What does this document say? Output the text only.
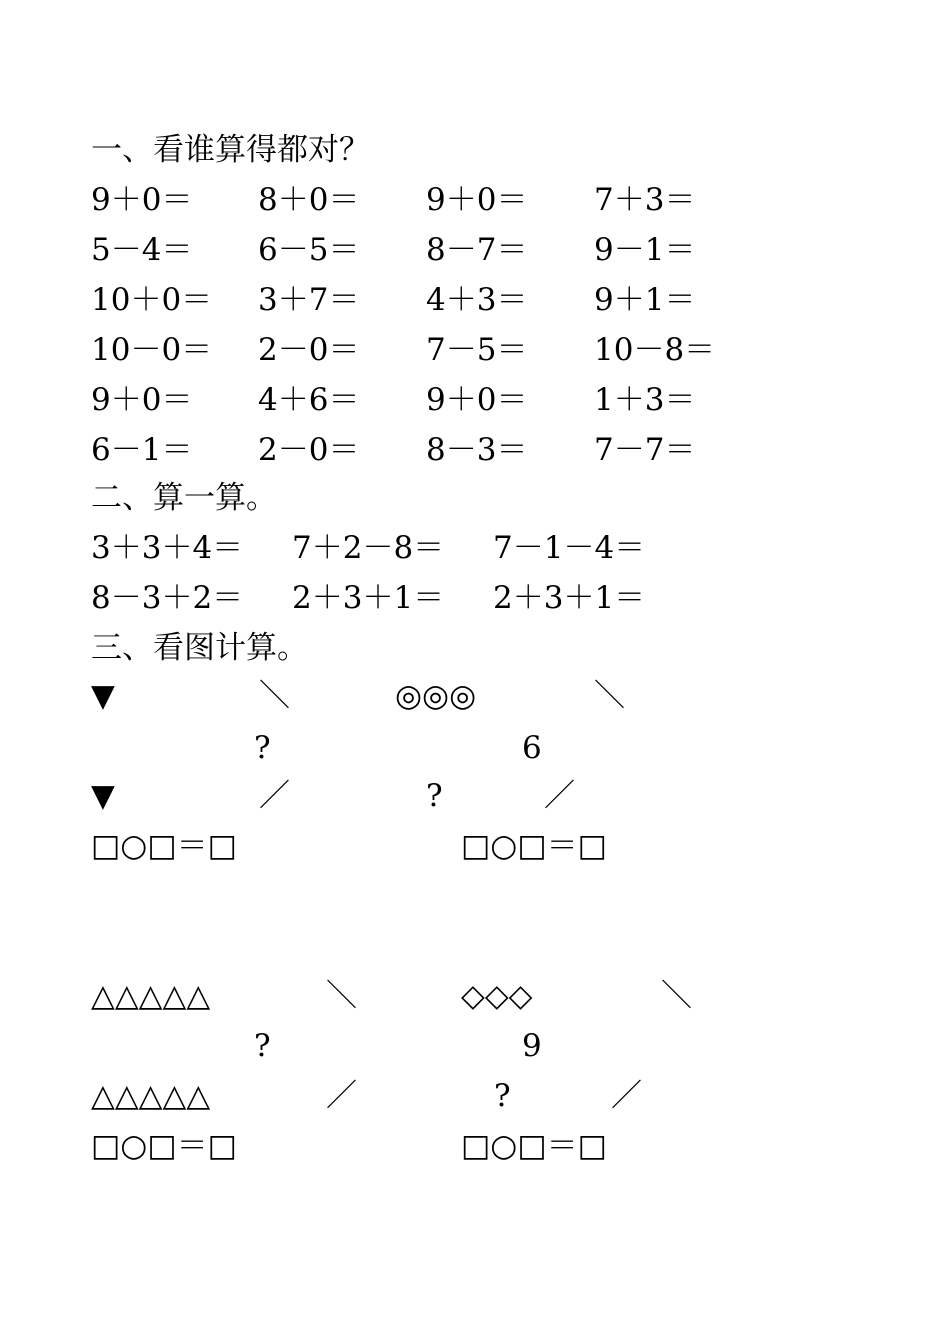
一、看谁算得都对？
9＋0＝ 8＋0＝ 9＋0＝ 7＋3＝
5－4＝ 6－5＝ 8－7＝ 9－1＝
10＋0＝ 3＋7＝ 4＋3＝ 9＋1＝
10－0＝ 2－0＝ 7－5＝ 10－8＝
9＋0＝ 4＋6＝ 9＋0＝ 1＋3＝
6－1＝ 2－0＝ 8－3＝ 7－7＝
二、算一算。
3＋3＋4＝ 7＋2－8＝ 7－1－4＝
8－3＋2＝ 2＋3＋1＝ 2＋3＋1＝
三、看图计算。
▼	＼	◎◎◎	＼
?	6
▼	／	?	／
□○□＝□	□○□＝□
△△△△△	＼	◇◇◇	＼
?	9
△△△△△	／	?	／
□○□＝□	□○□＝□
